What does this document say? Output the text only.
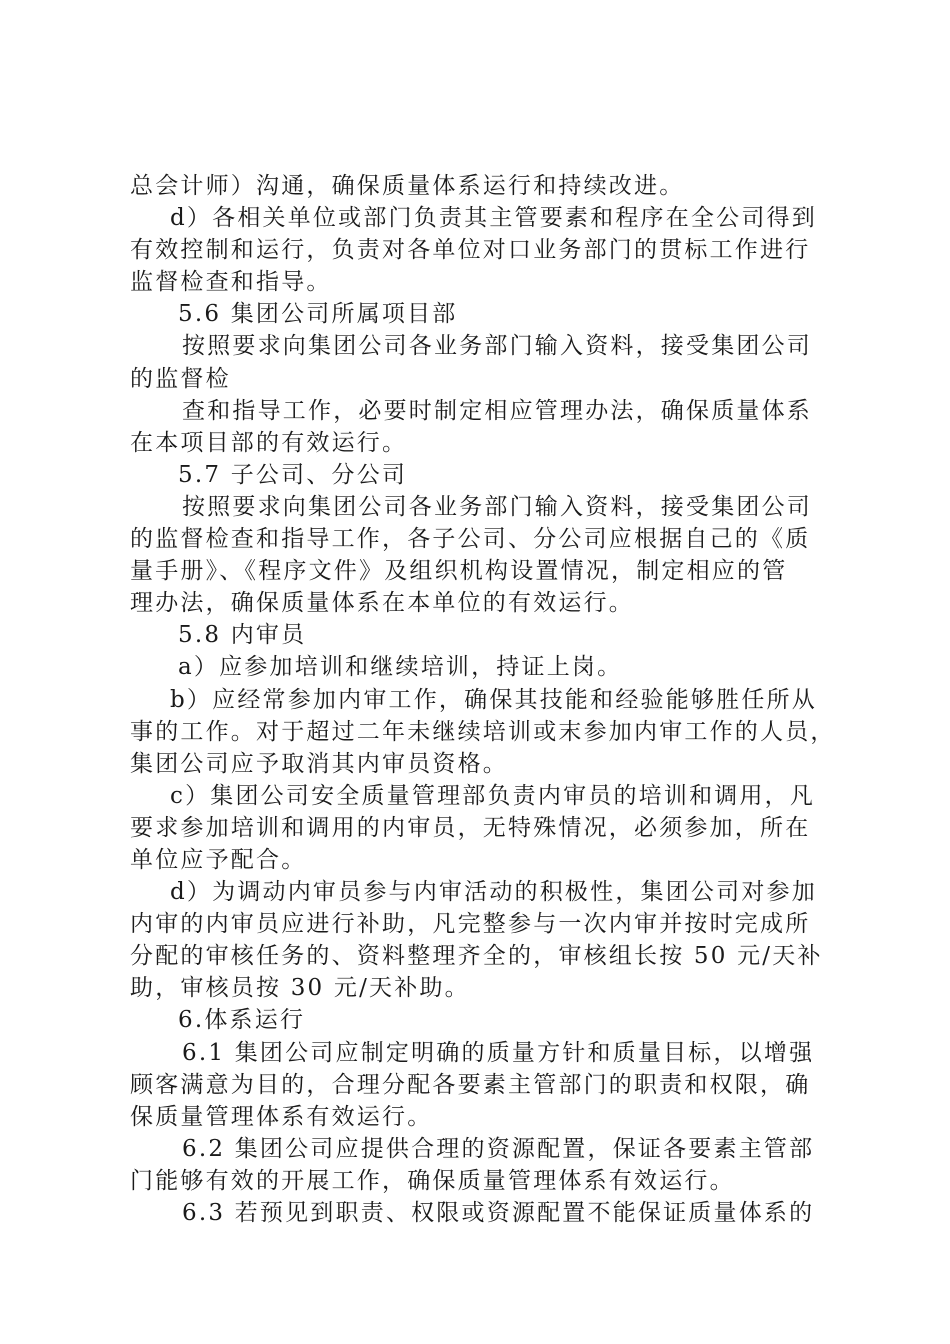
总会计师）沟通，确保质量体系运行和持续改进。
d）各相关单位或部门负责其主管要素和程序在全公司得到
有效控制和运行，负责对各单位对口业务部门的贯标工作进行
监督检查和指导。
5.6 集团公司所属项目部
按照要求向集团公司各业务部门输入资料，接受集团公司
的监督检
查和指导工作，必要时制定相应管理办法，确保质量体系
在本项目部的有效运行。
5.7 子公司、分公司
按照要求向集团公司各业务部门输入资料，接受集团公司
的监督检查和指导工作，各子公司、分公司应根据自己的《质
量手册》、《程序文件》及组织机构设置情况，制定相应的管
理办法，确保质量体系在本单位的有效运行。
5.8 内审员
a）应参加培训和继续培训，持证上岗。
b）应经常参加内审工作，确保其技能和经验能够胜任所从
事的工作。对于超过二年未继续培训或末参加内审工作的人员，
集团公司应予取消其内审员资格。
c）集团公司安全质量管理部负责内审员的培训和调用，凡
要求参加培训和调用的内审员，无特殊情况，必须参加，所在
单位应予配合。
d）为调动内审员参与内审活动的积极性，集团公司对参加
内审的内审员应进行补助，凡完整参与一次内审并按时完成所
分配的审核任务的、资料整理齐全的，审核组长按 50 元/天补
助，审核员按 30 元/天补助。
6.体系运行
6.1 集团公司应制定明确的质量方针和质量目标，以增强
顾客满意为目的，合理分配各要素主管部门的职责和权限，确
保质量管理体系有效运行。
6.2 集团公司应提供合理的资源配置，保证各要素主管部
门能够有效的开展工作，确保质量管理体系有效运行。
6.3 若预见到职责、权限或资源配置不能保证质量体系的
